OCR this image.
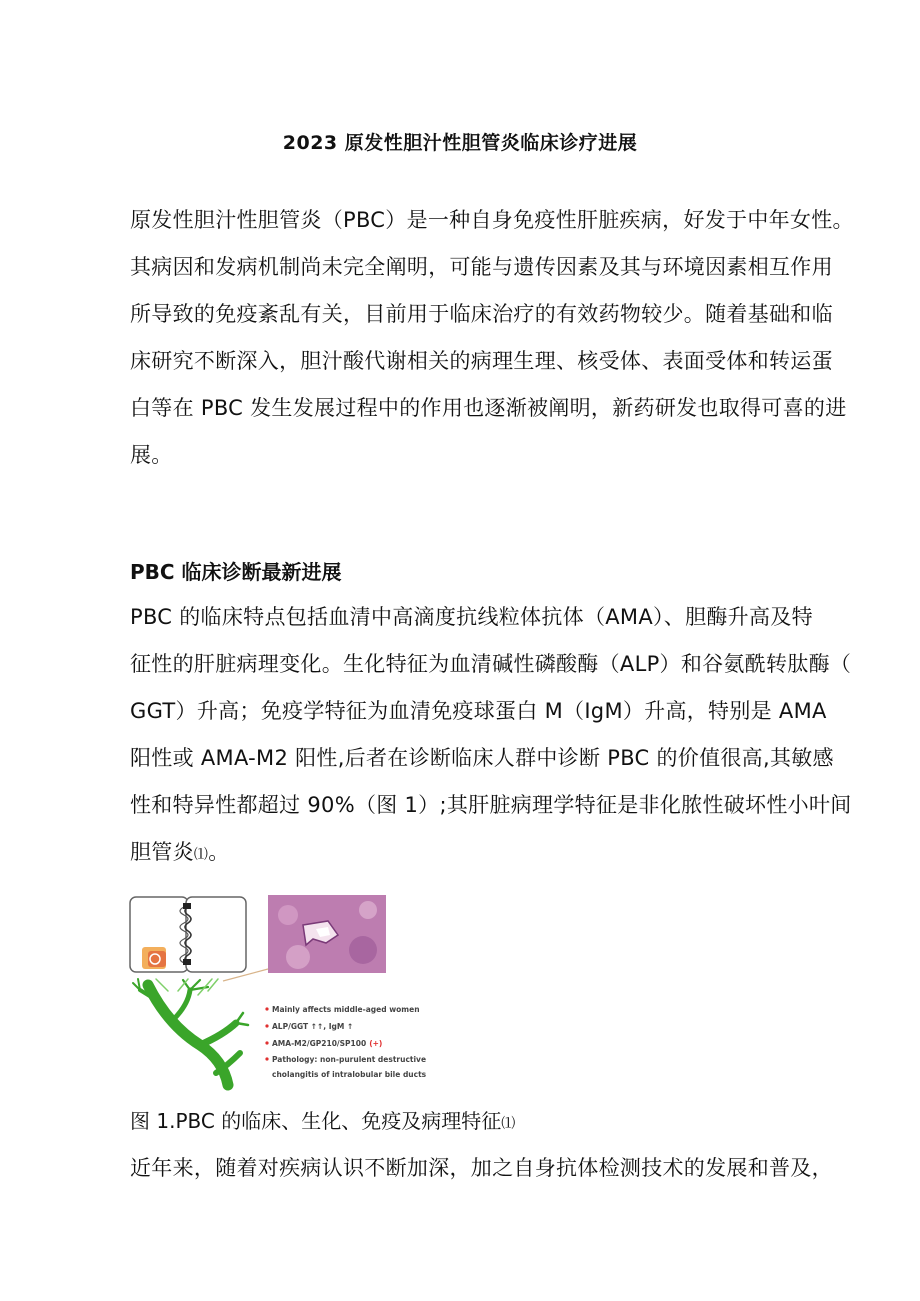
2023 原发性胆汁性胆管炎临床诊疗进展
原发性胆汁性胆管炎（PBC）是一种自身免疫性肝脏疾病，好发于中年女性。
其病因和发病机制尚未完全阐明，可能与遗传因素及其与环境因素相互作用
所导致的免疫紊乱有关，目前用于临床治疗的有效药物较少。随着基础和临
床研究不断深入，胆汁酸代谢相关的病理生理、核受体、表面受体和转运蛋
白等在 PBC 发生发展过程中的作用也逐渐被阐明，新药研发也取得可喜的进
展。
PBC 临床诊断最新进展
PBC 的临床特点包括血清中高滴度抗线粒体抗体（AMA）、胆酶升高及特
征性的肝脏病理变化。生化特征为血清碱性磷酸酶（ALP）和谷氨酰转肽酶（
GGT）升高；免疫学特征为血清免疫球蛋白 M（IgM）升高，特别是 AMA
阳性或 AMA-M2 阳性,后者在诊断临床人群中诊断 PBC 的价值很高,其敏感
性和特异性都超过 90%（图 1）;其肝脏病理学特征是非化脓性破坏性小叶间
胆管炎⑴。
Mainly affects middle-aged women
ALP/GGT ↑↑, IgM ↑
AMA-M2/GP210/SP100 (+)
Pathology: non-purulent destructive
cholangitis of intralobular bile ducts
图 1.PBC 的临床、生化、免疫及病理特征⑴
近年来，随着对疾病认识不断加深，加之自身抗体检测技术的发展和普及，
